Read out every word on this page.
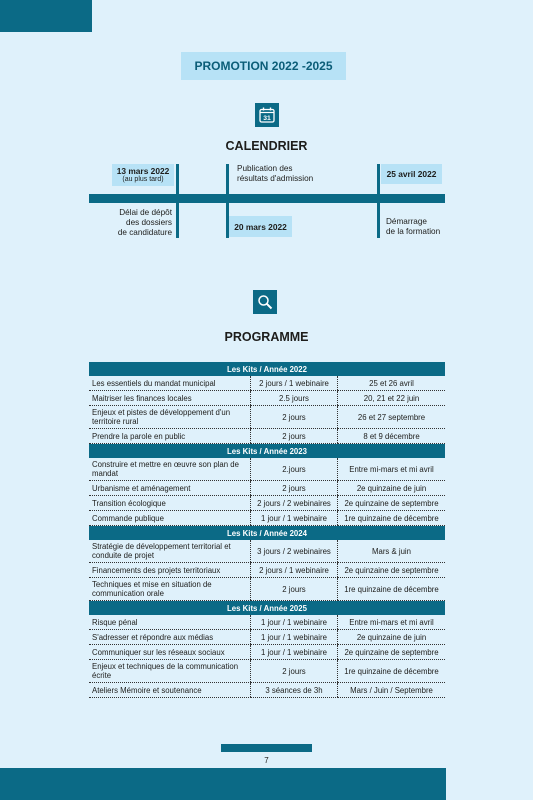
PROMOTION 2022 -2025
31
CALENDRIER
13 mars 2022
(au plus tard)
Délai de dépôt
des dossiers
de candidature
Publication des
résultats d'admission
20 mars 2022
25 avril 2022
Démarrage
de la formation
PROGRAMME
Les Kits / Année 2022		
Les essentiels du mandat municipal	2 jours / 1 webinaire	25 et 26 avril
Maitriser les finances locales	2.5 jours	20, 21 et 22 juin
Enjeux et pistes de développement d'un territoire rural	2 jours	26 et 27 septembre
Prendre la parole en public	2 jours	8 et 9 décembre
Les Kits / Année 2023		
Construire et mettre en œuvre son plan de mandat	2.jours	Entre mi-mars et mi avril
Urbanisme et aménagement	2 jours	2e quinzaine de juin
Transition écologique	2 jours / 2 webinaires	2e quinzaine de septembre
Commande publique	1 jour / 1 webinaire	1re quinzaine de décembre
Les Kits / Année 2024		
Stratégie de développement territorial et conduite de projet	3 jours / 2 webinaires	Mars & juin
Financements des projets territoriaux	2 jours / 1 webinaire	2e quinzaine de septembre
Techniques et mise en situation de communication orale	2 jours	1re quinzaine de décembre
Les Kits / Année 2025		
Risque pénal	1 jour / 1 webinaire	Entre mi-mars et mi avril
S'adresser et répondre aux médias	1 jour / 1 webinaire	2e quinzaine de juin
Communiquer sur les réseaux sociaux	1 jour / 1 webinaire	2e quinzaine de septembre
Enjeux et techniques de la communication écrite	2 jours	1re quinzaine de décembre
Ateliers Mémoire et soutenance	3 séances de 3h	Mars / Juin / Septembre
7
